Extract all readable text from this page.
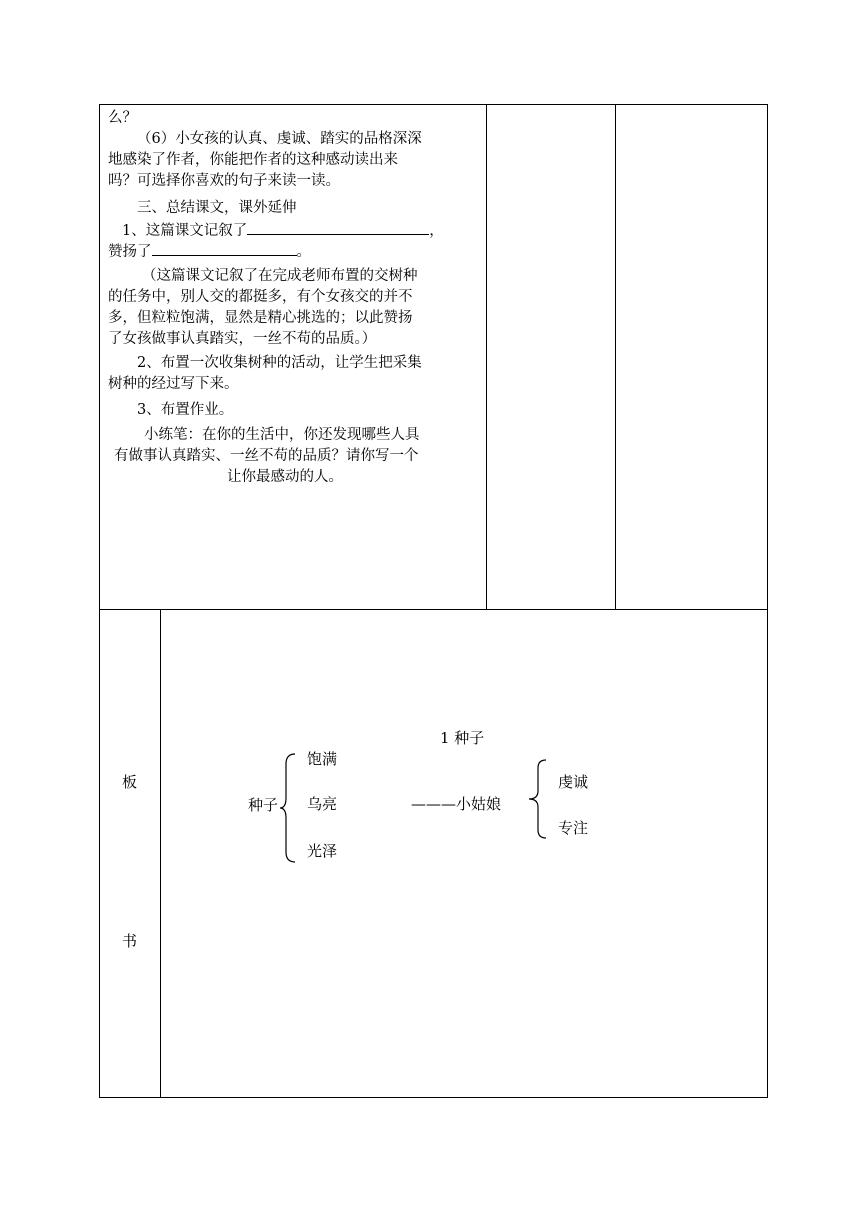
么？
（6）小女孩的认真、虔诚、踏实的品格深深
地感染了作者，你能把作者的这种感动读出来
吗？可选择你喜欢的句子来读一读。
三、总结课文，课外延伸
1、这篇课文记叙了	，
赞扬了	。
（这篇课文记叙了在完成老师布置的交树种
的任务中，别人交的都挺多，有个女孩交的并不
多，但粒粒饱满，显然是精心挑选的；以此赞扬
了女孩做事认真踏实，一丝不苟的品质。）
2、布置一次收集树种的活动，让学生把采集
树种的经过写下来。
3、布置作业。
小练笔：在你的生活中，你还发现哪些人具
有做事认真踏实、一丝不苟的品质？请你写一个
让你最感动的人。
板
书
1 种子
种子
饱满
乌亮
光泽
———小姑娘
虔诚
专注
